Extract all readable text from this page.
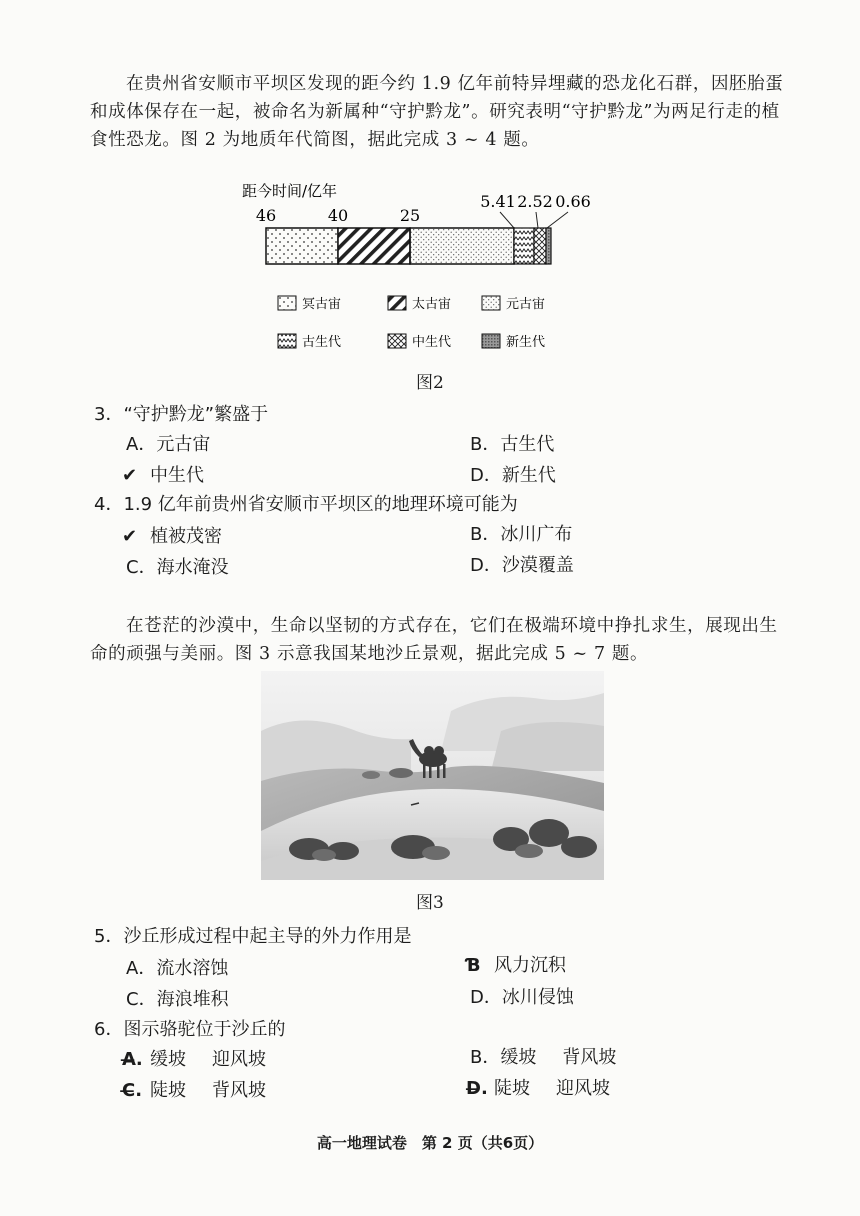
在贵州省安顺市平坝区发现的距今约 1.9 亿年前特异埋藏的恐龙化石群，因胚胎蛋和成体保存在一起，被命名为新属种“守护黔龙”。研究表明“守护黔龙”为两足行走的植食性恐龙。图 2 为地质年代简图，据此完成 3 ~ 4 题。

距今时间/亿年
46	40	25
5.41 2.52 0.66
冥古宙	太古宙	元古宙
古生代	中生代	新生代

图2

3．“守护黔龙”繁盛于

A．元古宙	B．古生代

✔ 中生代	D．新生代

4．1.9 亿年前贵州省安顺市平坝区的地理环境可能为

✔ 植被茂密	B．冰川广布

C．海水淹没	D．沙漠覆盖

在苍茫的沙漠中，生命以坚韧的方式存在，它们在极端环境中挣扎求生，展现出生命的顽强与美丽。图 3 示意我国某地沙丘景观，据此完成 5 ~ 7 题。

图3

5．沙丘形成过程中起主导的外力作用是

A．流水溶蚀	Ɓ 风力沉积

C．海浪堆积	D．冰川侵蚀

6．图示骆驼位于沙丘的

A̶. 缓坡 迎风坡	B．缓坡 背风坡

C̶. 陡坡 背风坡	D̶. 陡坡 迎风坡

高一地理试卷　第 2 页（共6页）
